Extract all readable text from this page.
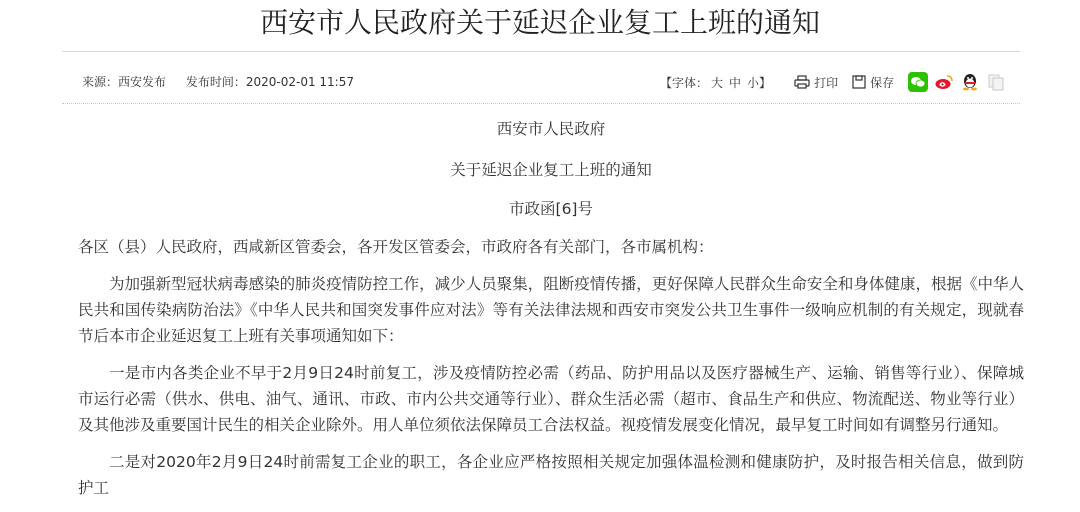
西安市人民政府关于延迟企业复工上班的通知
来源：西安发布 发布时间：2020-02-01 11:57	【字体： 大 中 小】	打印	保存

西安市人民政府

关于延迟企业复工上班的通知

市政函[6]号

各区（县）人民政府，西咸新区管委会，各开发区管委会，市政府各有关部门，各市属机构：

为加强新型冠状病毒感染的肺炎疫情防控工作，减少人员聚集，阻断疫情传播，更好保障人民群众生命安全和身体健康，根据《中华人民共和国传染病防治法》《中华人民共和国突发事件应对法》等有关法律法规和西安市突发公共卫生事件一级响应机制的有关规定，现就春节后本市企业延迟复工上班有关事项通知如下：

一是市内各类企业不早于2月9日24时前复工，涉及疫情防控必需（药品、防护用品以及医疗器械生产、运输、销售等行业）、保障城市运行必需（供水、供电、油气、通讯、市政、市内公共交通等行业）、群众生活必需（超市、食品生产和供应、物流配送、物业等行业）及其他涉及重要国计民生的相关企业除外。用人单位须依法保障员工合法权益。视疫情发展变化情况，最早复工时间如有调整另行通知。

二是对2020年2月9日24时前需复工企业的职工，各企业应严格按照相关规定加强体温检测和健康防护，及时报告相关信息，做到防护工
